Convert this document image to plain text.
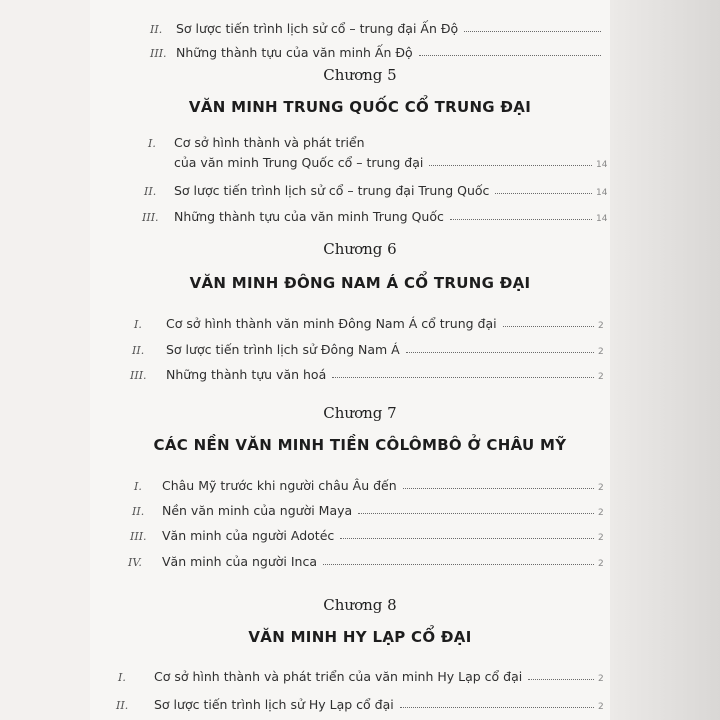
II.	Sơ lược tiến trình lịch sử cổ – trung đại Ấn Độ
III. Những thành tựu của văn minh Ấn Độ
Chương 5
VĂN MINH TRUNG QUỐC CỔ TRUNG ĐẠI
I.	Cơ sở hình thành và phát triển
của văn minh Trung Quốc cổ – trung đại	14
II.	Sơ lược tiến trình lịch sử cổ – trung đại Trung Quốc	14
III.	Những thành tựu của văn minh Trung Quốc	14
Chương 6
VĂN MINH ĐÔNG NAM Á CỔ TRUNG ĐẠI
I.	Cơ sở hình thành văn minh Đông Nam Á cổ trung đại	2
II.	Sơ lược tiến trình lịch sử Đông Nam Á	2
III.	Những thành tựu văn hoá	2
Chương 7
CÁC NỀN VĂN MINH TIỀN CÔLÔMBÔ Ở CHÂU MỸ
I.	Châu Mỹ trước khi người châu Âu đến	2
II.	Nền văn minh của người Maya	2
III.	Văn minh của người Adotéc	2
IV.	Văn minh của người Inca	2
Chương 8
VĂN MINH HY LẠP CỔ ĐẠI
I.	Cơ sở hình thành và phát triển của văn minh Hy Lạp cổ đại	2
II.	Sơ lược tiến trình lịch sử Hy Lạp cổ đại	2
